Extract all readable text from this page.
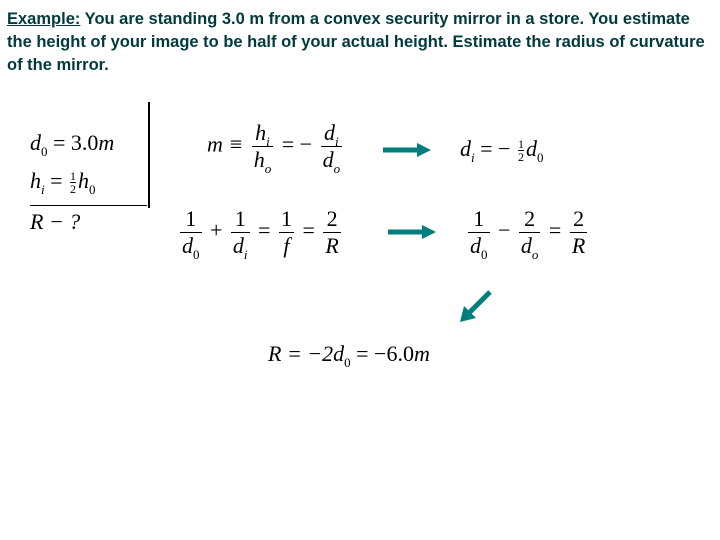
Example: You are standing 3.0 m from a convex security mirror in a store. You estimate the height of your image to be half of your actual height. Estimate the radius of curvature of the mirror.
$d_0 = 3.0m$
$h_i = \frac{1}{2} h_0$
R − ?
$m \equiv \frac{h_i}{h_o}$ = − $\frac{d_i}{d_o}$	$d_i$ = − $\frac{1}{2} d_0$
$\frac{1}{d_0} + \frac{1}{d_i} = \frac{1}{f} = \frac{2}{R}$	$\frac{1}{d_0} - \frac{2}{d_o} = \frac{2}{R}$
$R = -2d_0 = -6.0m$
